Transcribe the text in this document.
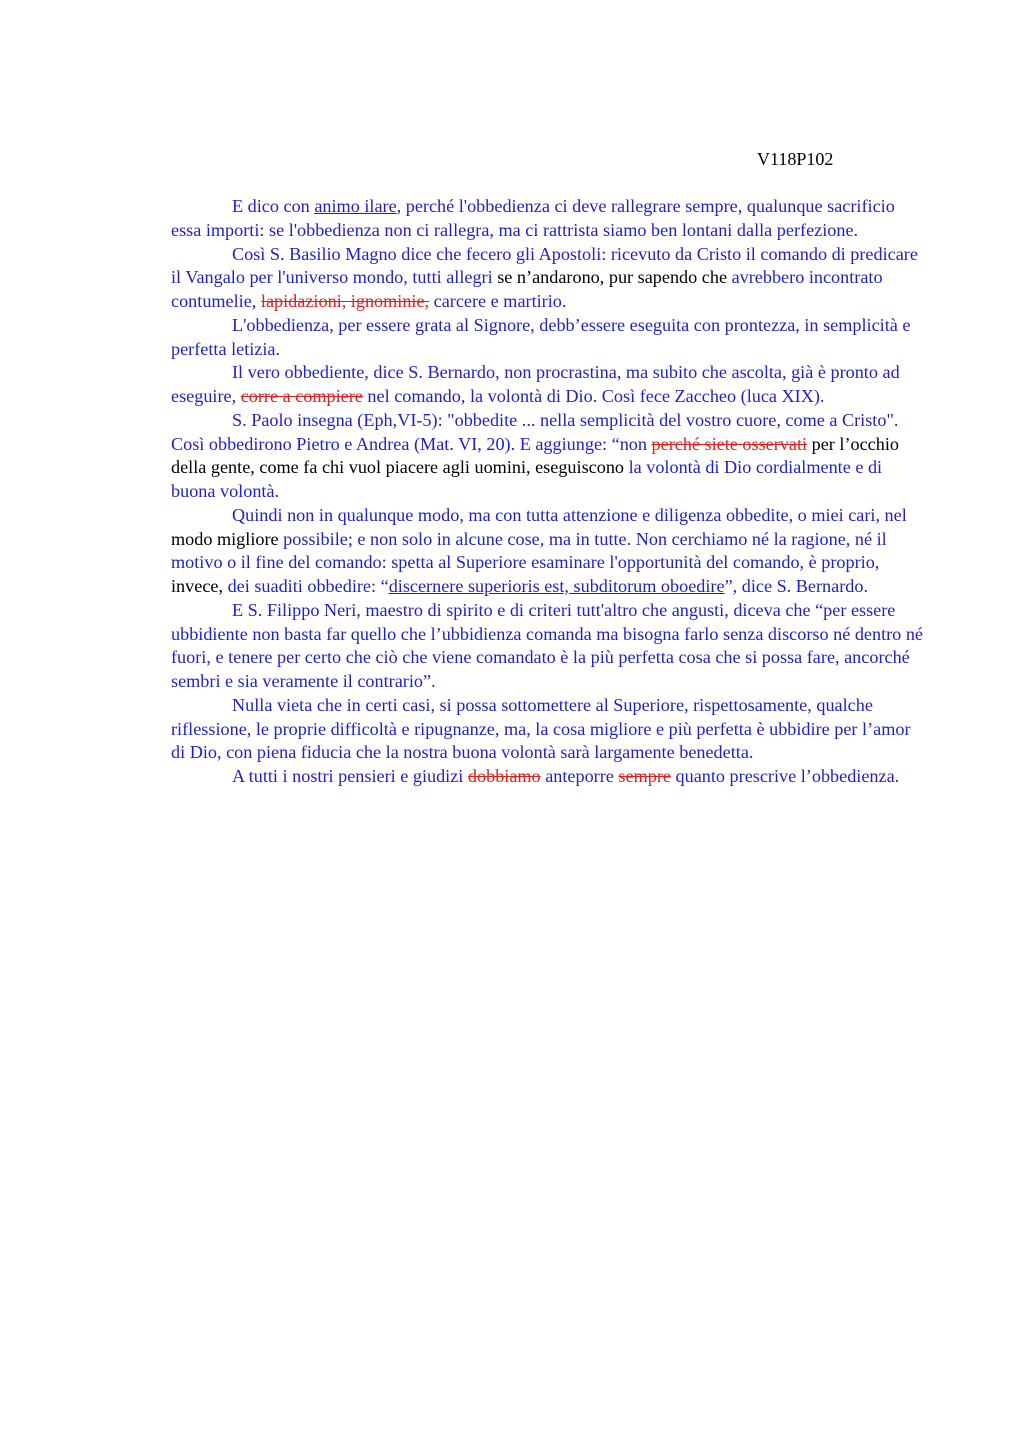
V118P102

E dico con animo ilare, perché l'obbedienza ci deve rallegrare sempre, qualunque sacrificio essa importi: se l'obbedienza non ci rallegra, ma ci rattrista siamo ben lontani dalla perfezione.

Così S. Basilio Magno dice che fecero gli Apostoli: ricevuto da Cristo il comando di predicare il Vangalo per l'universo mondo, tutti allegri se n’andarono, pur sapendo che avrebbero incontrato contumelie, lapidazioni, ignominie, carcere e martirio.

L'obbedienza, per essere grata al Signore, debb’essere eseguita con prontezza, in semplicità e perfetta letizia.

Il vero obbediente, dice S. Bernardo, non procrastina, ma subito che ascolta, già è pronto ad eseguire, corre a compiere nel comando, la volontà di Dio. Così fece Zaccheo (luca XIX).

S. Paolo insegna (Eph,VI-5): "obbedite ... nella semplicità del vostro cuore, come a Cristo". Così obbedirono Pietro e Andrea (Mat. VI, 20). E aggiunge: “non perché siete osservati per l’occhio della gente, come fa chi vuol piacere agli uomini, eseguiscono la volontà di Dio cordialmente e di buona volontà.

Quindi non in qualunque modo, ma con tutta attenzione e diligenza obbedite, o miei cari, nel modo migliore possibile; e non solo in alcune cose, ma in tutte. Non cerchiamo né la ragione, né il motivo o il fine del comando: spetta al Superiore esaminare l'opportunità del comando, è proprio, invece, dei suaditi obbedire: “discernere superioris est, subditorum oboedire”, dice S. Bernardo.

E S. Filippo Neri, maestro di spirito e di criteri tutt'altro che angusti, diceva che “per essere ubbidiente non basta far quello che l’ubbidienza comanda ma bisogna farlo senza discorso né dentro né fuori, e tenere per certo che ciò che viene comandato è la più perfetta cosa che si possa fare, ancorché sembri e sia veramente il contrario”.

Nulla vieta che in certi casi, si possa sottomettere al Superiore, rispettosamente, qualche riflessione, le proprie difficoltà e ripugnanze, ma, la cosa migliore e più perfetta è ubbidire per l’amor di Dio, con piena fiducia che la nostra buona volontà sarà largamente benedetta.

A tutti i nostri pensieri e giudizi dobbiamo anteporre sempre quanto prescrive l’obbedienza.
